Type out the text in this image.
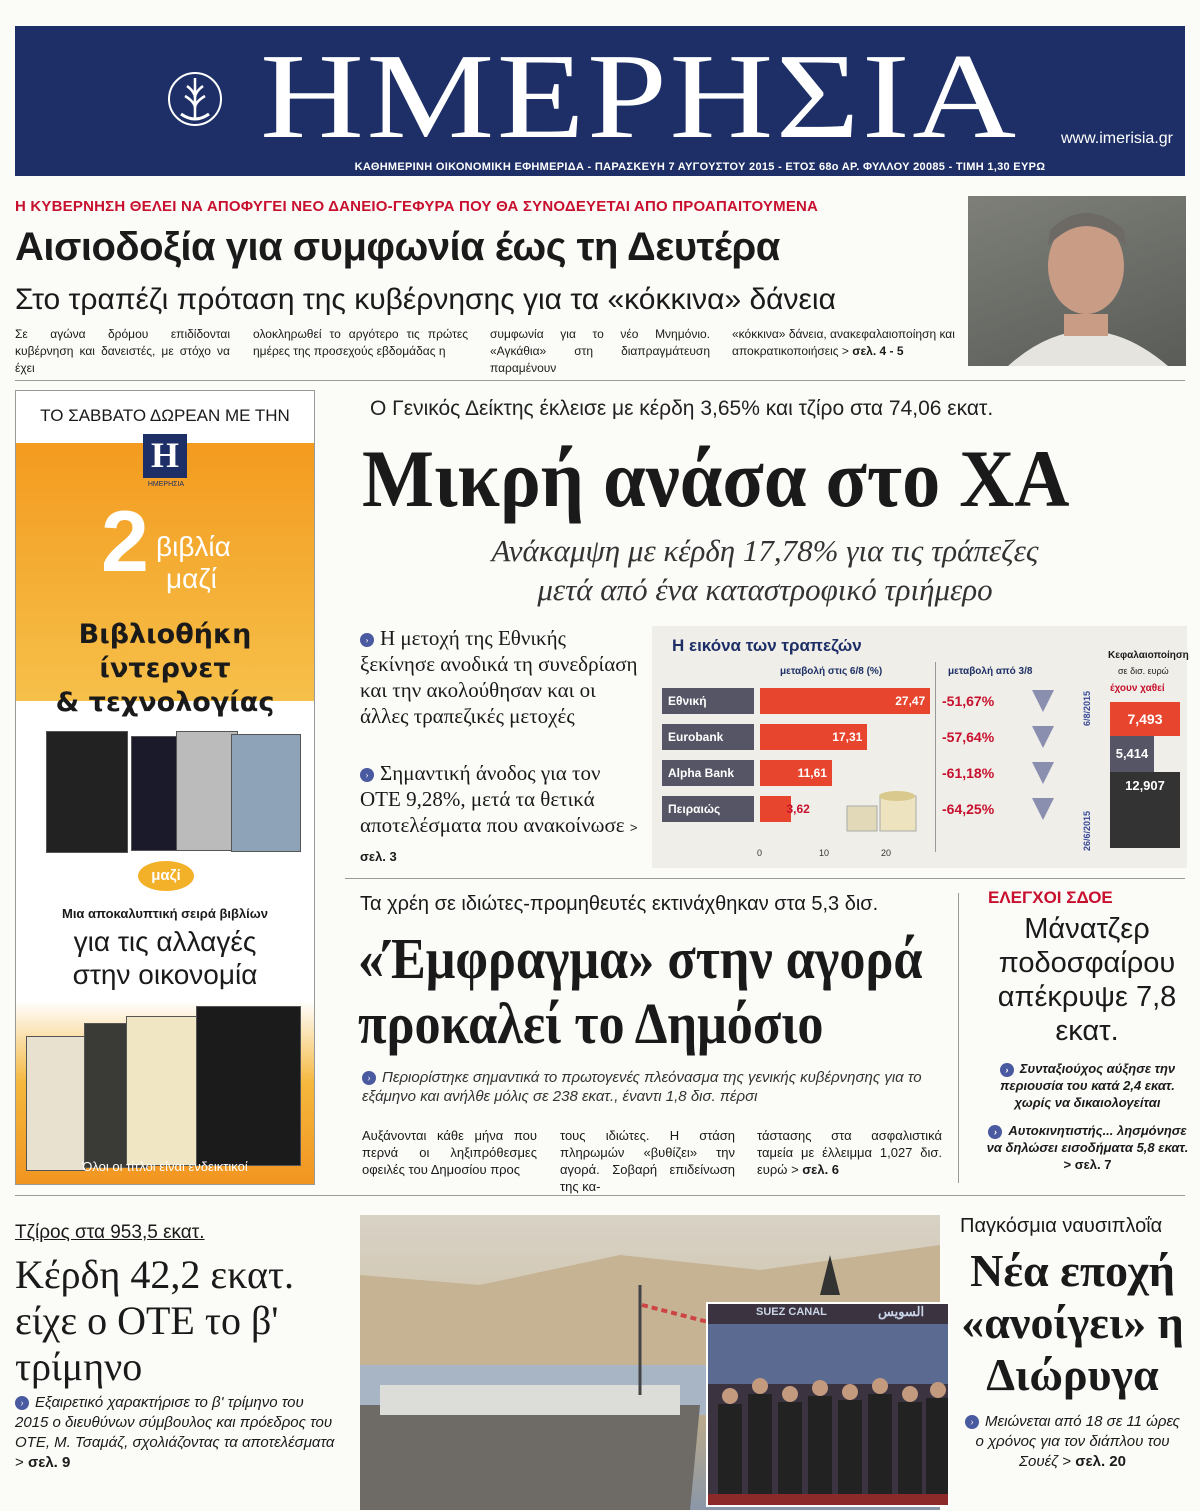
ΗΜΕΡΗΣΙΑ	www.imerisia.gr
ΚΑΘΗΜΕΡΙΝΗ ΟΙΚΟΝΟΜΙΚΗ ΕΦΗΜΕΡΙΔΑ - ΠΑΡΑΣΚΕΥΗ 7 ΑΥΓΟΥΣΤΟΥ 2015 - ΕΤΟΣ 68ο ΑΡ. ΦΥΛΛΟΥ 20085 - ΤΙΜΗ 1,30 ΕΥΡΩ
Η ΚΥΒΕΡΝΗΣΗ ΘΕΛΕΙ ΝΑ ΑΠΟΦΥΓΕΙ ΝΕΟ ΔΑΝΕΙΟ-ΓΕΦΥΡΑ ΠΟΥ ΘΑ ΣΥΝΟΔΕΥΕΤΑΙ ΑΠΟ ΠΡΟΑΠΑΙΤΟΥΜΕΝΑ
Αισιοδοξία για συμφωνία έως τη Δευτέρα
Στο τραπέζι πρόταση της κυβέρνησης για τα «κόκκινα» δάνεια
Σε αγώνα δρόμου επιδίδονται κυβέρνηση και δανειστές, με στόχο να έχει
ολοκληρωθεί το αργότερο τις πρώτες ημέρες της προσεχούς εβδομάδας η
συμφωνία για το νέο Μνημόνιο. «Αγκάθια» στη διαπραγμάτευση παραμένουν
«κόκκινα» δάνεια, ανακεφαλαιοποίηση και αποκρατικοποιήσεις > σελ. 4 - 5
ΤΟ ΣΑΒΒΑΤΟ ΔΩΡΕΑΝ ΜΕ ΤΗΝ
Η
ΗΜΕΡΗΣΙΑ
2 βιβλία
μαζί
Βιβλιοθήκη
ίντερνετ
& τεχνολογίας
μαζί
Μια αποκαλυπτική σειρά βιβλίων
για τις αλλαγές
στην οικονομία
Όλοι οι τίτλοι είναι ενδεικτικοί
Ο Γενικός Δείκτης έκλεισε με κέρδη 3,65% και τζίρο στα 74,06 εκατ.
Μικρή ανάσα στο ΧΑ
Ανάκαμψη με κέρδη 17,78% για τις τράπεζες
μετά από ένα καταστροφικό τριήμερο
› Η μετοχή της Εθνικής ξεκίνησε ανοδικά τη συνεδρίαση και την ακολούθησαν και οι άλλες τραπεζικές μετοχές
› Σημαντική άνοδος για τον ΟΤΕ 9,28%, μετά τα θετικά αποτελέσματα που ανακοίνωσε > σελ. 3
Η εικόνα των τραπεζών
μεταβολή στις 6/8 (%)	μεταβολή από 3/8
Εθνική	27,47	-51,67%
Eurobank	17,31	-57,64%
Alpha Bank	11,61	-61,18%
Πειραιώς	3,62	-64,25%
0	10	20
Κεφαλαιοποίηση
σε δισ. ευρώ
έχουν χαθεί
7,493
5,414
12,907
6/8/2015
26/6/2015
Τα χρέη σε ιδιώτες-προμηθευτές εκτινάχθηκαν στα 5,3 δισ.
«Έμφραγμα» στην αγορά
προκαλεί το Δημόσιο
› Περιορίστηκε σημαντικά το πρωτογενές πλεόνασμα της γενικής κυβέρνησης για το εξάμηνο και ανήλθε μόλις σε 238 εκατ., έναντι 1,8 δισ. πέρσι
Αυξάνονται κάθε μήνα που περνά οι ληξιπρόθεσμες οφειλές του Δημοσίου προς
τους ιδιώτες. Η στάση πληρωμών «βυθίζει» την αγορά. Σοβαρή επιδείνωση της κα-
τάστασης στα ασφαλιστικά ταμεία με έλλειμμα 1,027 δισ. ευρώ > σελ. 6
ΕΛΕΓΧΟΙ ΣΔΟΕ
Μάνατζερ ποδοσφαίρου απέκρυψε 7,8 εκατ.
› Συνταξιούχος αύξησε την περιουσία του κατά 2,4 εκατ. χωρίς να δικαιολογείται
› Αυτοκινητιστής... λησμόνησε να δηλώσει εισοδήματα 5,8 εκατ. > σελ. 7
Τζίρος στα 953,5 εκατ.
Κέρδη 42,2 εκατ. είχε ο ΟΤΕ το β' τρίμηνο
› Εξαιρετικό χαρακτήρισε το β' τρίμηνο του 2015 ο διευθύνων σύμβουλος και πρόεδρος του ΟΤΕ, Μ. Τσαμάζ, σχολιάζοντας τα αποτελέσματα > σελ. 9
SUEZ CANAL	السويس
Παγκόσμια ναυσιπλοΐα
Νέα εποχή «ανοίγει» η Διώρυγα
› Μειώνεται από 18 σε 11 ώρες ο χρόνος για τον διάπλου του Σουέζ > σελ. 20
